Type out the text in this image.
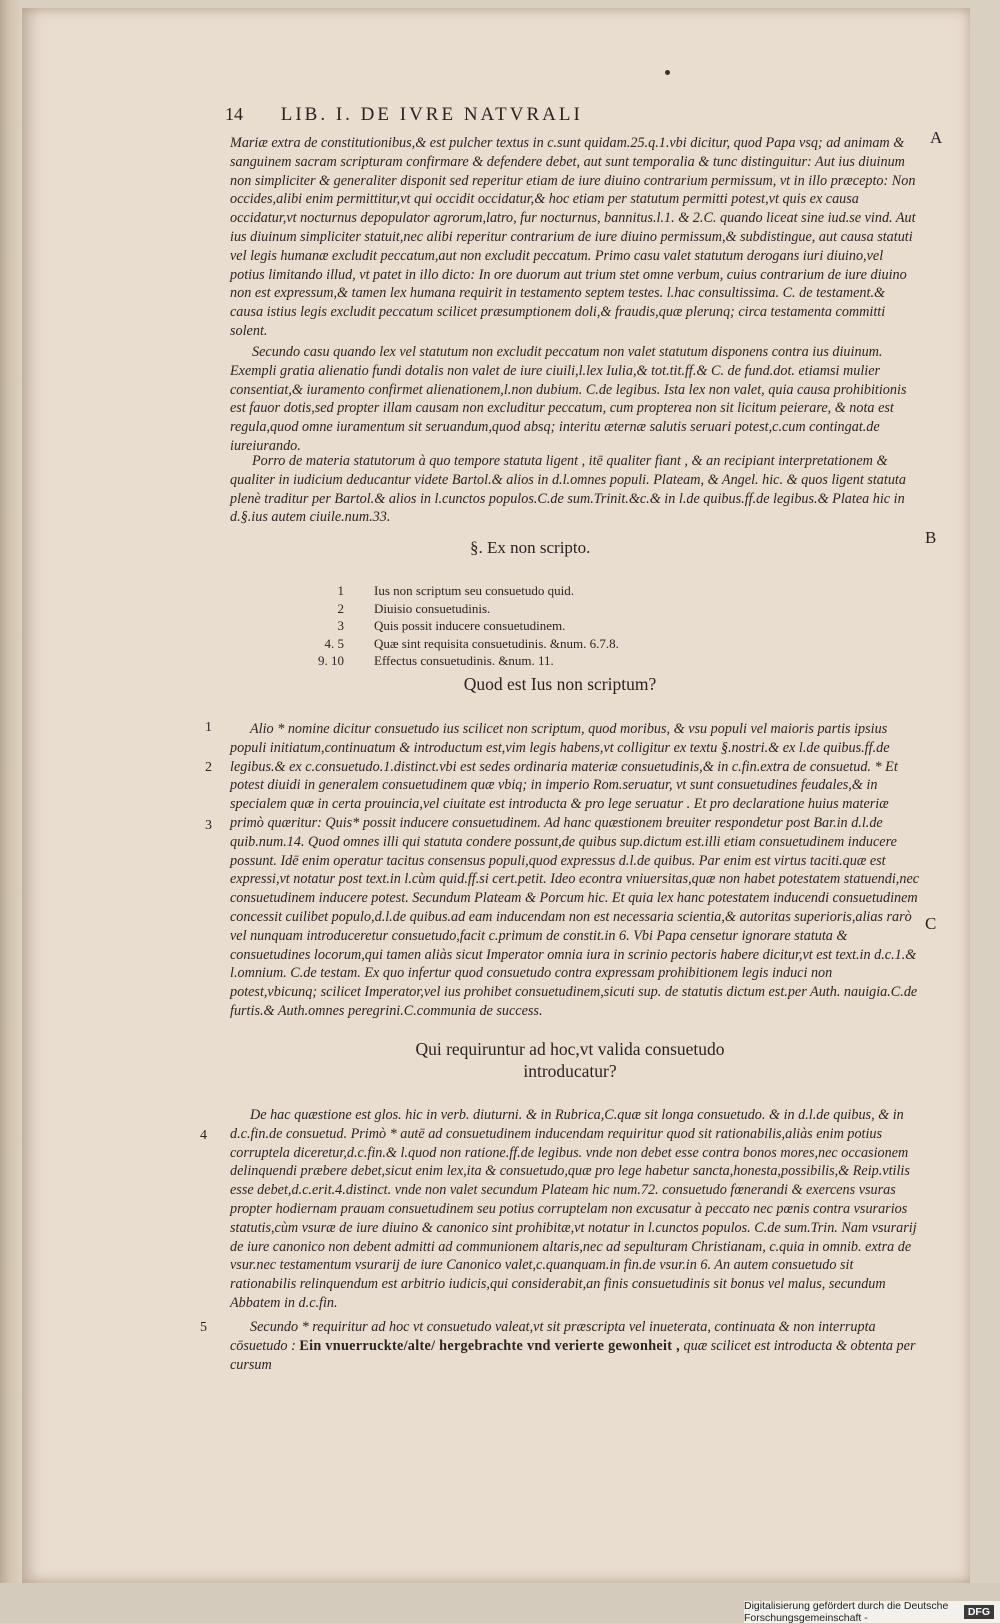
14 LIB. I. DE IVRE NATVRALI
A
B
C
Mariæ extra de constitutionibus,& est pulcher textus in c.sunt quidam.25.q.1.vbi dicitur, quod Papa vsq; ad animam & sanguinem sacram scripturam confirmare & defendere debet, aut sunt temporalia & tunc distinguitur: Aut ius diuinum non simpliciter & generaliter disponit sed reperitur etiam de iure diuino contrarium permissum, vt in illo præcepto: Non occides,alibi enim permittitur,vt qui occidit occidatur,& hoc etiam per statutum permitti potest,vt quis ex causa occidatur,vt nocturnus depopulator agrorum,latro, fur nocturnus, bannitus.l.1. & 2.C. quando liceat sine iud.se vind. Aut ius diuinum simpliciter statuit,nec alibi reperitur contrarium de iure diuino permissum,& subdistingue, aut causa statuti vel legis humanæ excludit peccatum,aut non excludit peccatum. Primo casu valet statutum derogans iuri diuino,vel potius limitando illud, vt patet in illo dicto: In ore duorum aut trium stet omne verbum, cuius contrarium de iure diuino non est expressum,& tamen lex humana requirit in testamento septem testes. l.hac consultissima. C. de testament.& causa istius legis excludit peccatum scilicet præsumptionem doli,& fraudis,quæ plerunq; circa testamenta committi solent.
Secundo casu quando lex vel statutum non excludit peccatum non valet statutum disponens contra ius diuinum. Exempli gratia alienatio fundi dotalis non valet de iure ciuili,l.lex Iulia,& tot.tit.ff.& C. de fund.dot. etiamsi mulier consentiat,& iuramento confirmet alienationem,l.non dubium. C.de legibus. Ista lex non valet, quia causa prohibitionis est fauor dotis,sed propter illam causam non excluditur peccatum, cum propterea non sit licitum peierare, & nota est regula,quod omne iuramentum sit seruandum,quod absq; interitu æternæ salutis seruari potest,c.cum contingat.de iureiurando.
Porro de materia statutorum à quo tempore statuta ligent , itē qualiter fiant , & an recipiant interpretationem & qualiter in iudicium deducantur videte Bartol.& alios in d.l.omnes populi. Plateam, & Angel. hic. & quos ligent statuta plenè traditur per Bartol.& alios in l.cunctos populos.C.de sum.Trinit.&c.& in l.de quibus.ff.de legibus.& Platea hic in d.§.ius autem ciuile.num.33.
§. Ex non scripto.
1	Ius non scriptum seu consuetudo quid.
2	Diuisio consuetudinis.
3	Quis possit inducere consuetudinem.
4. 5	Quæ sint requisita consuetudinis. &num. 6.7.8.
9. 10	Effectus consuetudinis. &num. 11.
Quod est Ius non scriptum?
1
2
3
Alio * nomine dicitur consuetudo ius scilicet non scriptum, quod moribus, & vsu populi vel maioris partis ipsius populi initiatum,continuatum & introductum est,vim legis habens,vt colligitur ex textu §.nostri.& ex l.de quibus.ff.de legibus.& ex c.consuetudo.1.distinct.vbi est sedes ordinaria materiæ consuetudinis,& in c.fin.extra de consuetud. * Et potest diuidi in generalem consuetudinem quæ vbiq; in imperio Rom.seruatur, vt sunt consuetudines feudales,& in specialem quæ in certa prouincia,vel ciuitate est introducta & pro lege seruatur . Et pro declaratione huius materiæ primò quæritur: Quis* possit inducere consuetudinem. Ad hanc quæstionem breuiter respondetur post Bar.in d.l.de quib.num.14. Quod omnes illi qui statuta condere possunt,de quibus sup.dictum est.illi etiam consuetudinem inducere possunt. Idē enim operatur tacitus consensus populi,quod expressus d.l.de quibus. Par enim est virtus taciti.quæ est expressi,vt notatur post text.in l.cùm quid.ff.si cert.petit. Ideo econtra vniuersitas,quæ non habet potestatem statuendi,nec consuetudinem inducere potest. Secundum Plateam & Porcum hic. Et quia lex hanc potestatem inducendi consuetudinem concessit cuilibet populo,d.l.de quibus.ad eam inducendam non est necessaria scientia,& autoritas superioris,alias rarò vel nunquam introduceretur consuetudo,facit c.primum de constit.in 6. Vbi Papa censetur ignorare statuta & consuetudines locorum,qui tamen aliàs sicut Imperator omnia iura in scrinio pectoris habere dicitur,vt est text.in d.c.1.& l.omnium. C.de testam. Ex quo infertur quod consuetudo contra expressam prohibitionem legis induci non potest,vbicunq; scilicet Imperator,vel ius prohibet consuetudinem,sicuti sup. de statutis dictum est.per Auth. nauigia.C.de furtis.& Auth.omnes peregrini.C.communia de success.
Qui requiruntur ad hoc,vt valida consuetudo
introducatur?
4
De hac quæstione est glos. hic in verb. diuturni. & in Rubrica,C.quæ sit longa consuetudo. & in d.l.de quibus, & in d.c.fin.de consuetud. Primò * autē ad consuetudinem inducendam requiritur quod sit rationabilis,aliàs enim potius corruptela diceretur,d.c.fin.& l.quod non ratione.ff.de legibus. vnde non debet esse contra bonos mores,nec occasionem delinquendi præbere debet,sicut enim lex,ita & consuetudo,quæ pro lege habetur sancta,honesta,possibilis,& Reip.vtilis esse debet,d.c.erit.4.distinct. vnde non valet secundum Plateam hic num.72. consuetudo fœnerandi & exercens vsuras propter hodiernam prauam consuetudinem seu potius corruptelam non excusatur à peccato nec pœnis contra vsurarios statutis,cùm vsuræ de iure diuino & canonico sint prohibitæ,vt notatur in l.cunctos populos. C.de sum.Trin. Nam vsurarij de iure canonico non debent admitti ad communionem altaris,nec ad sepulturam Christianam, c.quia in omnib. extra de vsur.nec testamentum vsurarij de iure Canonico valet,c.quanquam.in fin.de vsur.in 6. An autem consuetudo sit rationabilis relinquendum est arbitrio iudicis,qui considerabit,an finis consuetudinis sit bonus vel malus, secundum Abbatem in d.c.fin.
5	Secundo * requiritur ad hoc vt consuetudo valeat,vt sit præscripta vel inueterata, continuata & non interrupta cōsuetudo : Ein vnuerruckte/alte/ hergebrachte vnd verierte gewonheit , quæ scilicet est introducta & obtenta per cursum
Digitalisierung gefördert durch die Deutsche Forschungsgemeinschaft -	DFG
